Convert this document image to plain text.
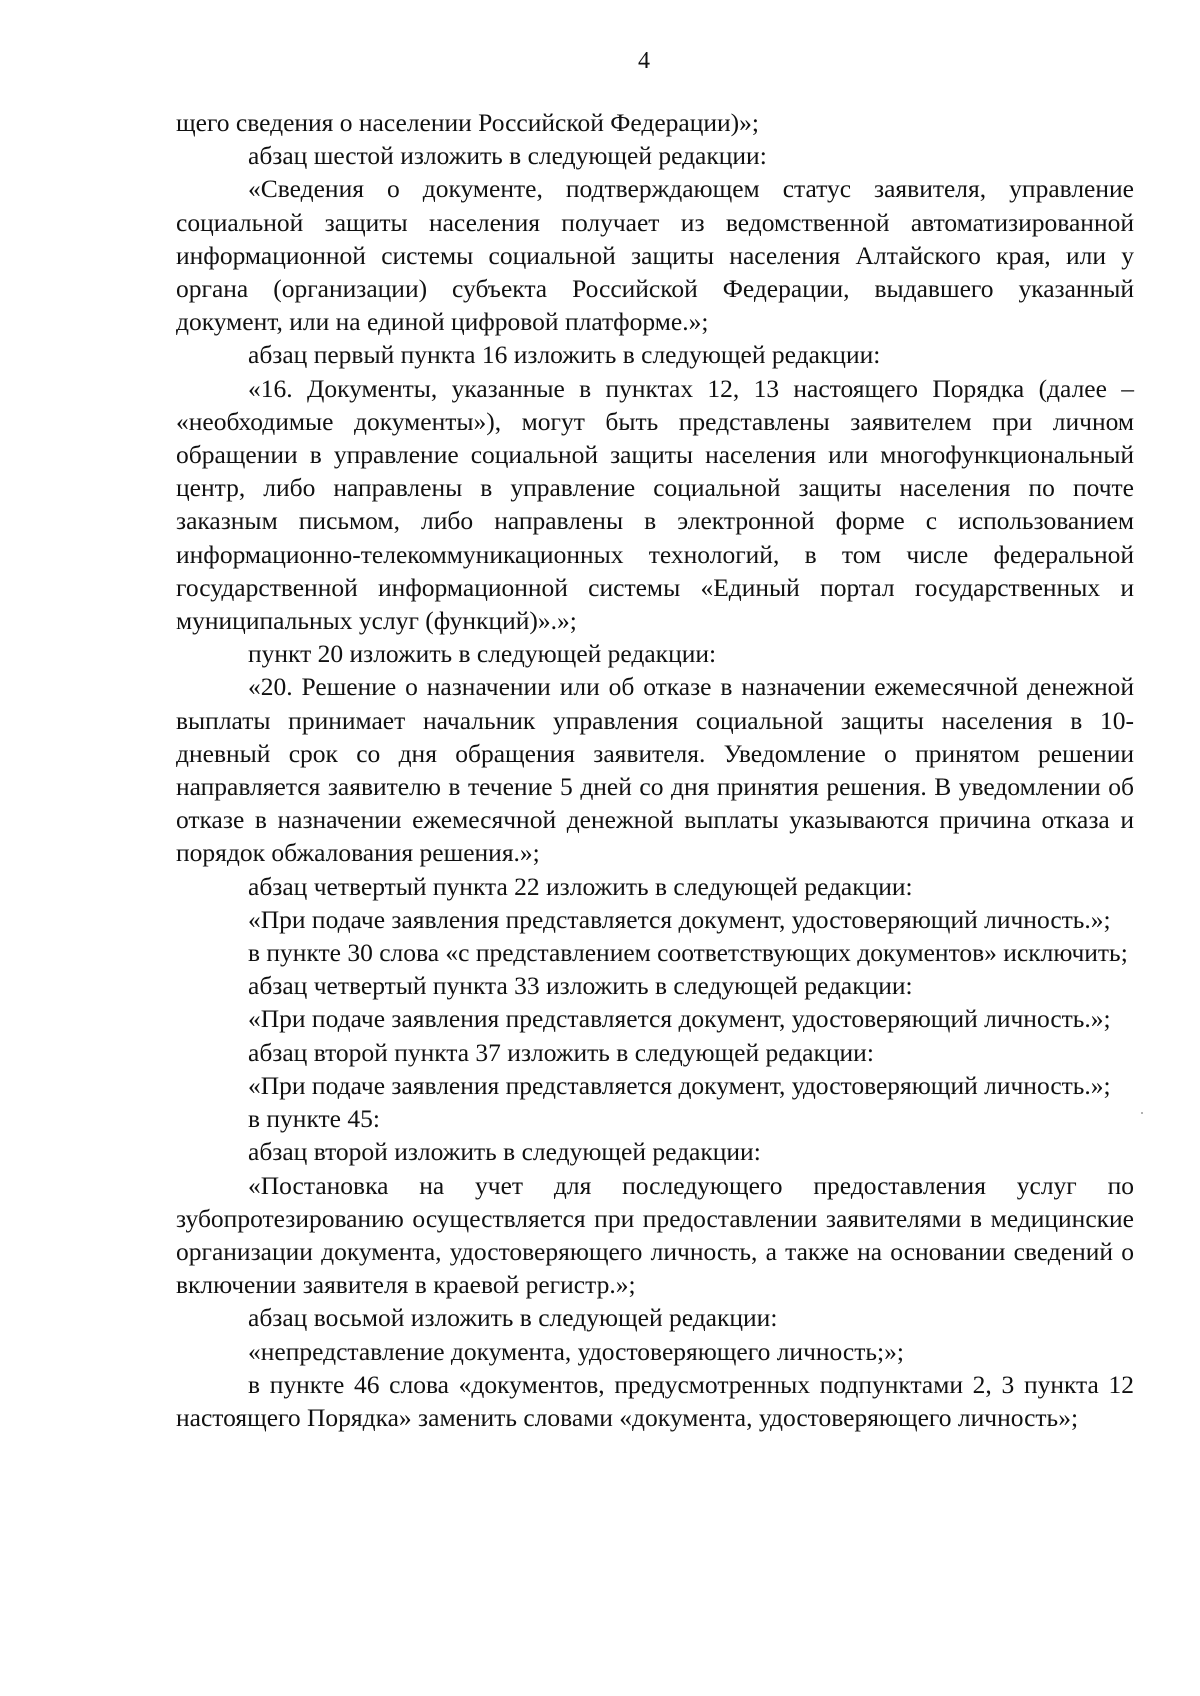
4

щего сведения о населении Российской Федерации)»;

абзац шестой изложить в следующей редакции:

«Сведения о документе, подтверждающем статус заявителя, управление социальной защиты населения получает из ведомственной автоматизированной информационной системы социальной защиты населения Алтайского края, или у органа (организации) субъекта Российской Федерации, выдавшего указанный документ, или на единой цифровой платформе.»;

абзац первый пункта 16 изложить в следующей редакции:

«16. Документы, указанные в пунктах 12, 13 настоящего Порядка (далее – «необходимые документы»), могут быть представлены заявителем при личном обращении в управление социальной защиты населения или многофункциональный центр, либо направлены в управление социальной защиты населения по почте заказным письмом, либо направлены в электронной форме с использованием информационно-телекоммуникационных технологий, в том числе федеральной государственной информационной системы «Единый портал государственных и муниципальных услуг (функций)».»;

пункт 20 изложить в следующей редакции:

«20. Решение о назначении или об отказе в назначении ежемесячной денежной выплаты принимает начальник управления социальной защиты населения в 10-дневный срок со дня обращения заявителя. Уведомление о принятом решении направляется заявителю в течение 5 дней со дня принятия решения. В уведомлении об отказе в назначении ежемесячной денежной выплаты указываются причина отказа и порядок обжалования решения.»;

абзац четвертый пункта 22 изложить в следующей редакции:

«При подаче заявления представляется документ, удостоверяющий личность.»;

в пункте 30 слова «с представлением соответствующих документов» исключить;

абзац четвертый пункта 33 изложить в следующей редакции:

«При подаче заявления представляется документ, удостоверяющий личность.»;

абзац второй пункта 37 изложить в следующей редакции:

«При подаче заявления представляется документ, удостоверяющий личность.»;

в пункте 45:

абзац второй изложить в следующей редакции:

«Постановка на учет для последующего предоставления услуг по зубопротезированию осуществляется при предоставлении заявителями в медицинские организации документа, удостоверяющего личность, а также на основании сведений о включении заявителя в краевой регистр.»;

абзац восьмой изложить в следующей редакции:

«непредставление документа, удостоверяющего личность;»;

в пункте 46 слова «документов, предусмотренных подпунктами 2, 3 пункта 12 настоящего Порядка» заменить словами «документа, удостоверяющего личность»;
